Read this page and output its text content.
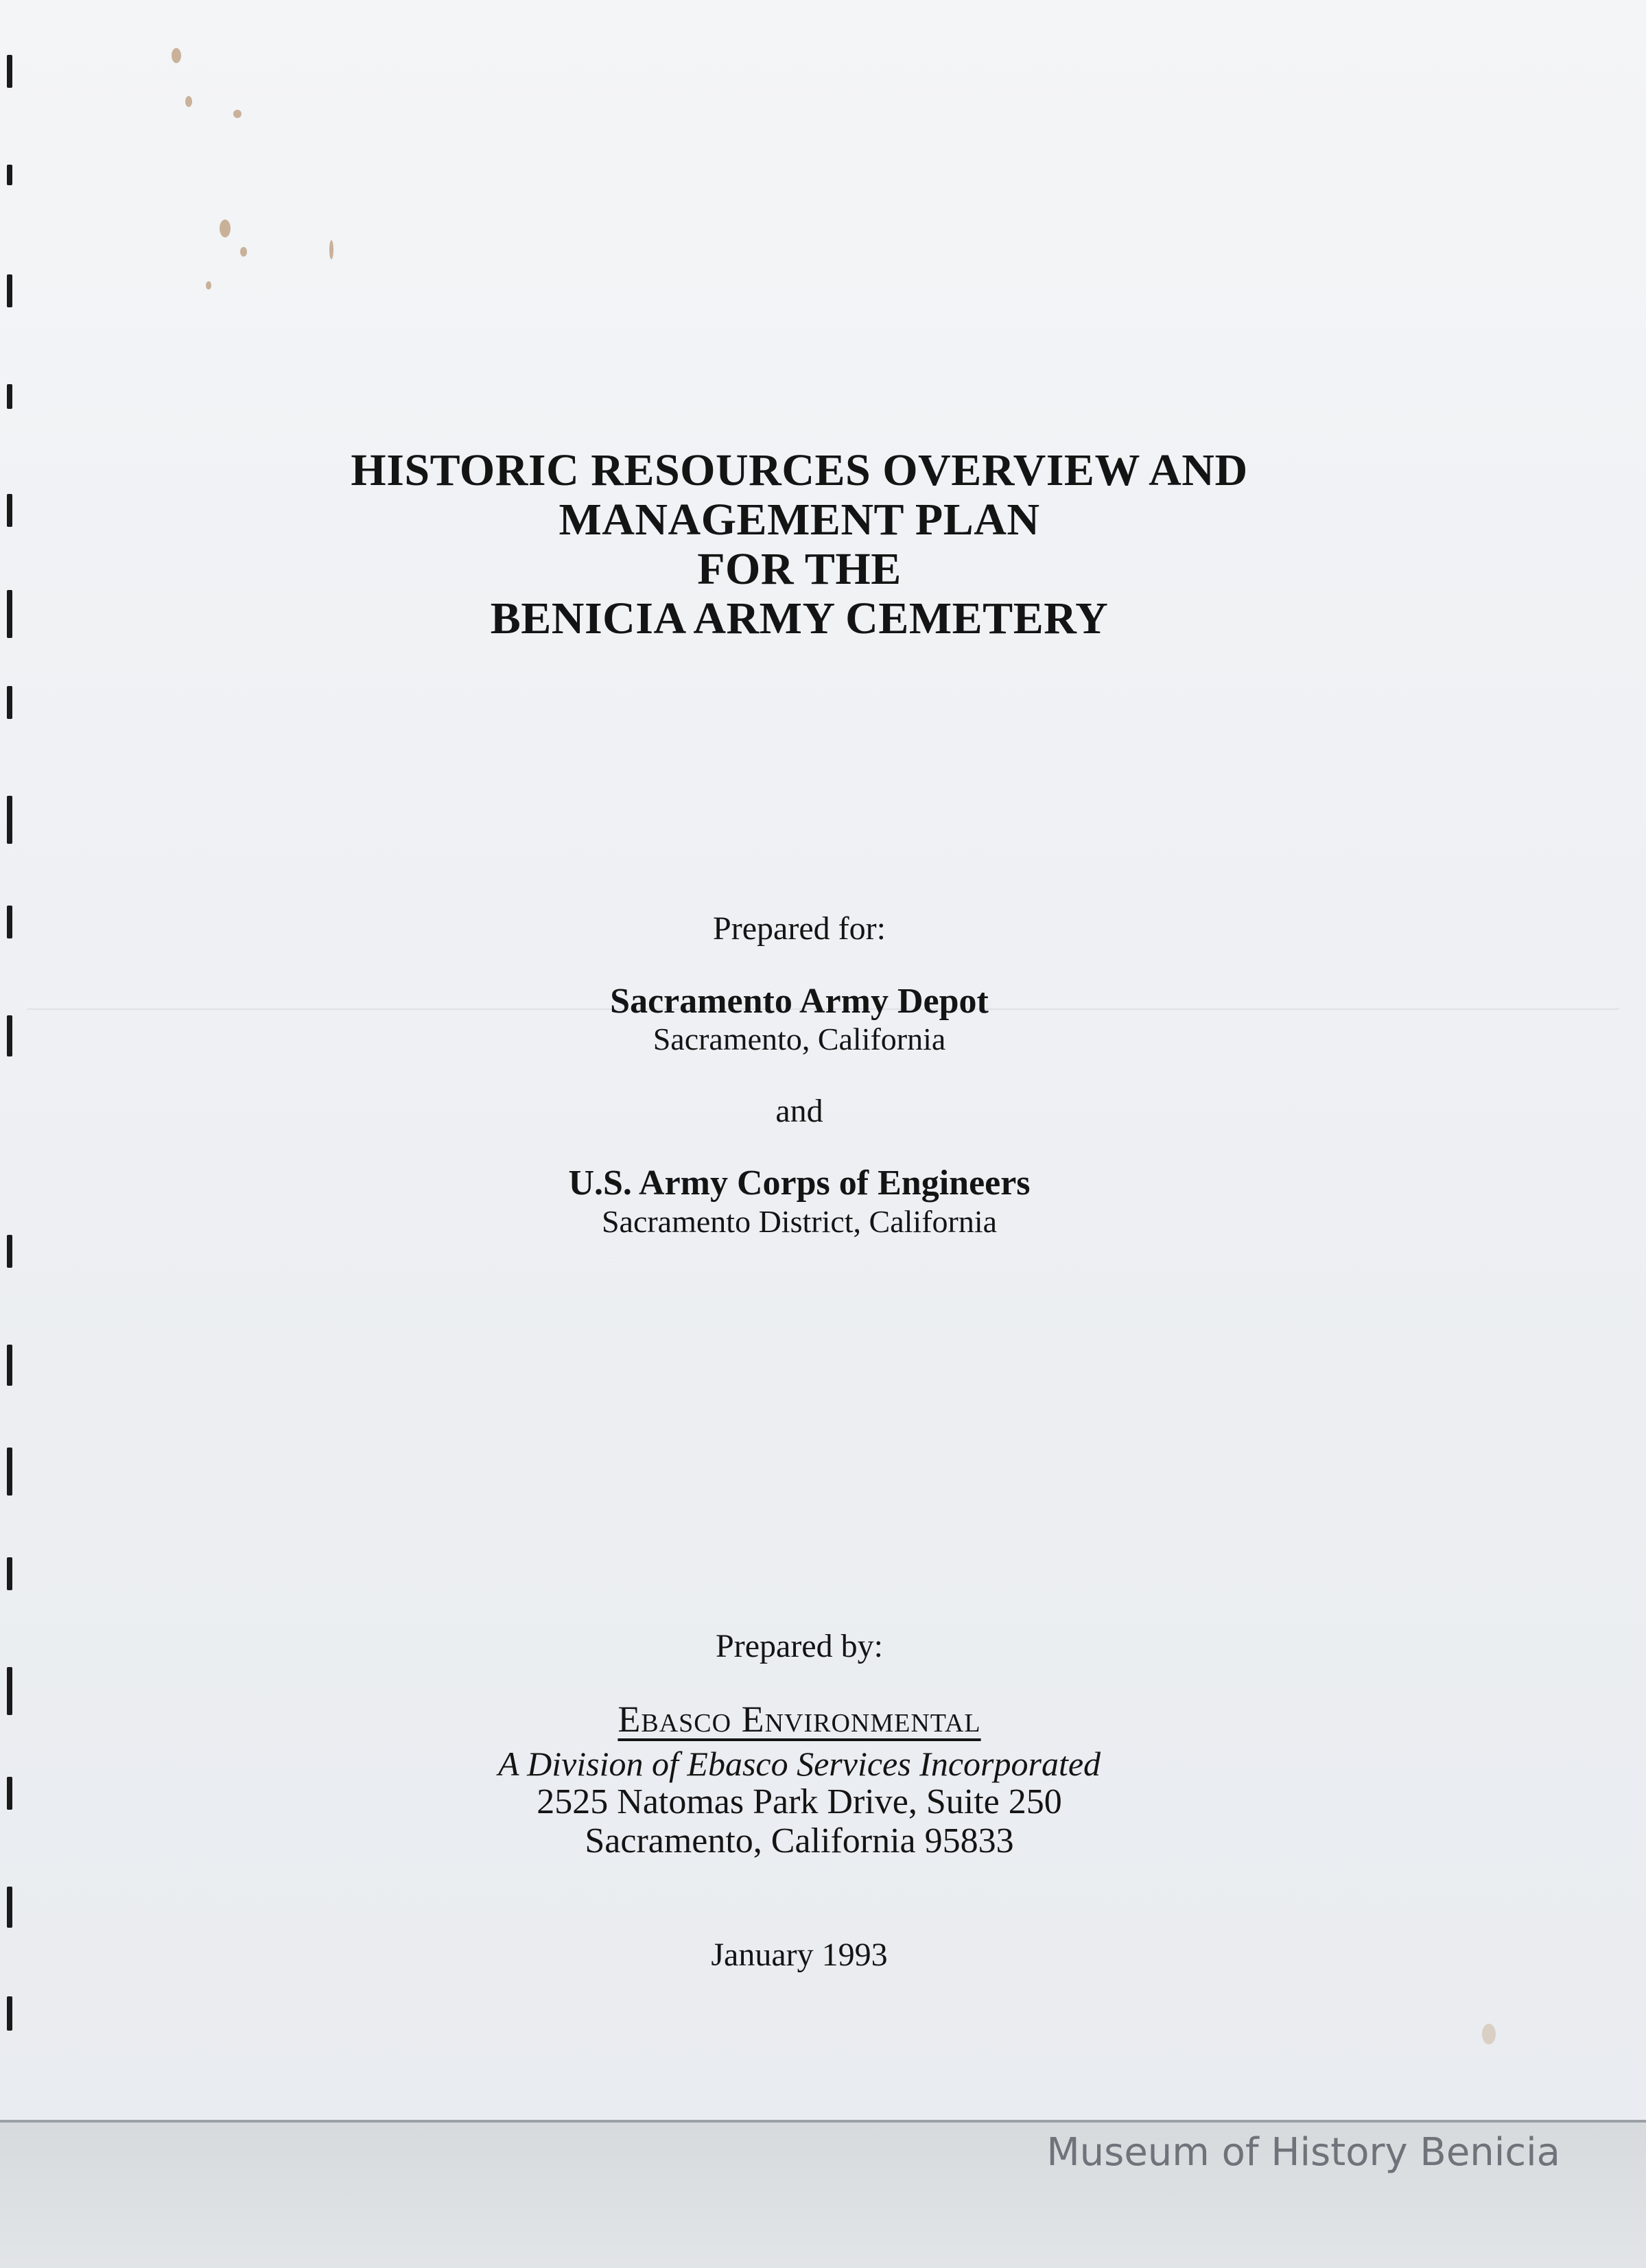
HISTORIC RESOURCES OVERVIEW AND
MANAGEMENT PLAN
FOR THE
BENICIA ARMY CEMETERY
Prepared for:
Sacramento Army Depot
Sacramento, California
and
U.S. Army Corps of Engineers
Sacramento District, California
Prepared by:
Ebasco Environmental
A Division of Ebasco Services Incorporated
2525 Natomas Park Drive, Suite 250
Sacramento, California 95833
January 1993
Museum of History Benicia
